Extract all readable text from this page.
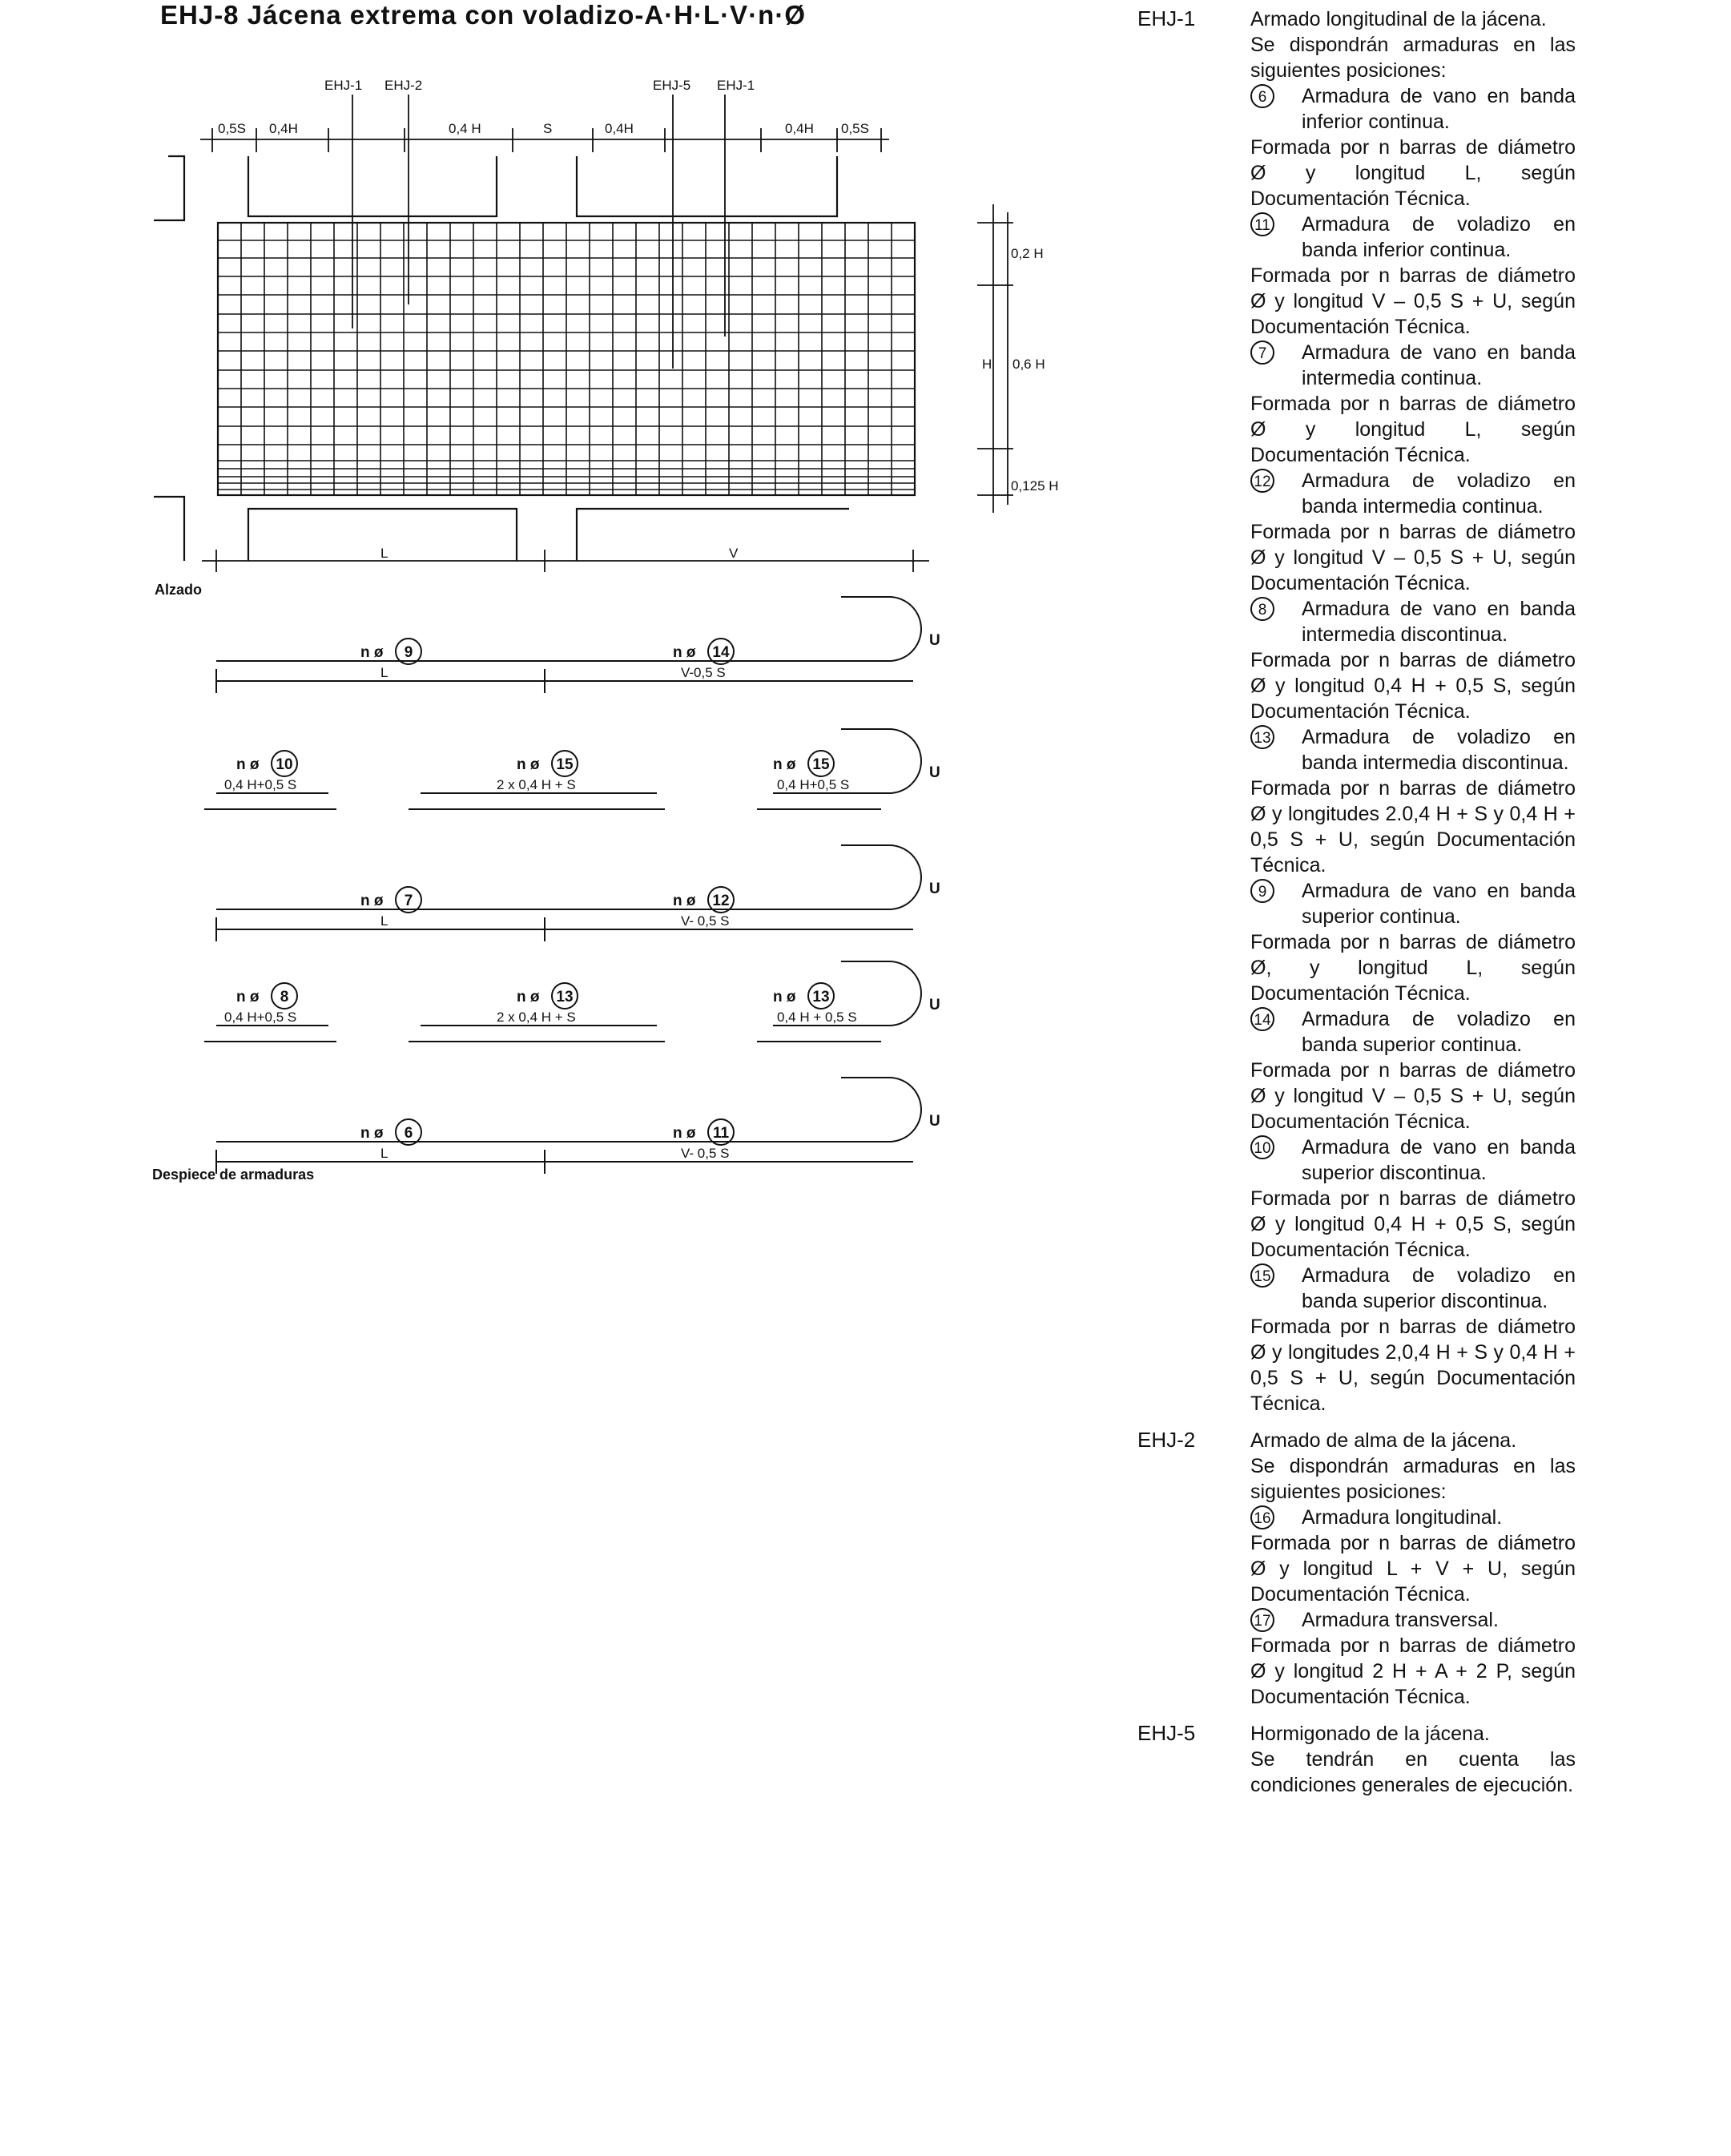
EHJ-8 Jácena extrema con voladizo-A·H·L·V·n·Ø
EHJ-1 EHJ-2	EHJ-5 EHJ-1
0,5S 0,4H	0,4 H	S	0,4H	0,4H 0,5S
0,2 H
H 0,6 H
0,125 H
L	V
n ø 9
L
n ø 14
V-0,5 S
U
n ø 10
0,4 H+0,5 S
n ø 15
2 x 0,4 H + S
n ø 15
0,4 H+0,5 S
U
n ø 7
L
n ø 12
V- 0,5 S
U
n ø 8
0,4 H+0,5 S
n ø 13
2 x 0,4 H + S
n ø 13
0,4 H + 0,5 S
U
n ø 6
L
n ø 11
V- 0,5 S
U
Alzado
Despiece de armaduras
EHJ-1	Armado longitudinal de la jácena.

Se dispondrán armaduras en las siguientes posiciones:

6	Armadura de vano en banda inferior continua.

Formada por n barras de diámetro Ø y longitud L, según Documentación Técnica.

11 Armadura de voladizo en banda inferior continua.

Formada por n barras de diámetro Ø y longitud V – 0,5 S + U, según Documentación Técnica.

7	Armadura de vano en banda intermedia continua.

Formada por n barras de diámetro Ø y longitud L, según Documentación Técnica.

12 Armadura de voladizo en banda intermedia continua.

Formada por n barras de diámetro Ø y longitud V – 0,5 S + U, según Documentación Técnica.

8	Armadura de vano en banda intermedia discontinua.

Formada por n barras de diámetro Ø y longitud 0,4 H + 0,5 S, según Documentación Técnica.

13 Armadura de voladizo en banda intermedia discontinua.

Formada por n barras de diámetro Ø y longitudes 2.0,4 H + S y 0,4 H + 0,5 S + U, según Documentación Técnica.

9	Armadura de vano en banda superior continua.

Formada por n barras de diámetro Ø, y longitud L, según Documentación Técnica.

14 Armadura de voladizo en banda superior continua.

Formada por n barras de diámetro Ø y longitud V – 0,5 S + U, según Documentación Técnica.

10 Armadura de vano en banda superior discontinua.

Formada por n barras de diámetro Ø y longitud 0,4 H + 0,5 S, según Documentación Técnica.

15 Armadura de voladizo en banda superior discontinua.

Formada por n barras de diámetro Ø y longitudes 2,0,4 H + S y 0,4 H + 0,5 S + U, según Documentación Técnica.

EHJ-2	Armado de alma de la jácena.

Se dispondrán armaduras en las siguientes posiciones:

16 Armadura longitudinal.

Formada por n barras de diámetro Ø y longitud L + V + U, según Documentación Técnica.

17 Armadura transversal.

Formada por n barras de diámetro Ø y longitud 2 H + A + 2 P, según Documentación Técnica.

EHJ-5	Hormigonado de la jácena.

Se tendrán en cuenta las condiciones generales de ejecución.
